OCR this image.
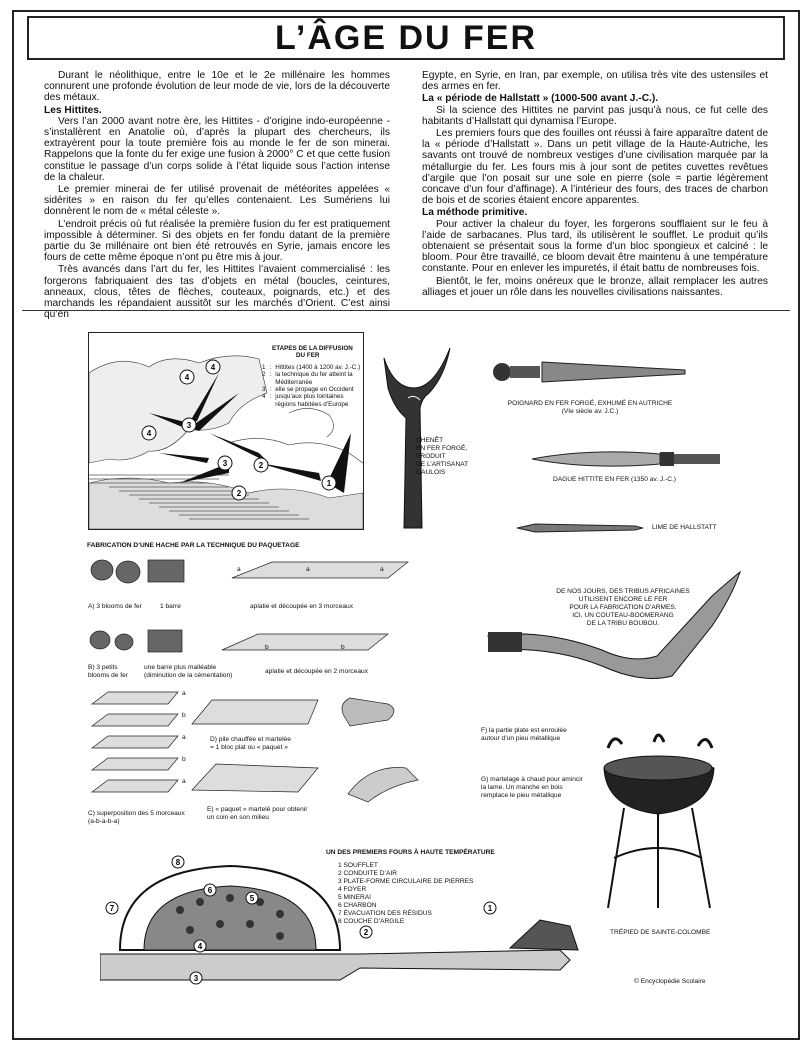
L’ÂGE DU FER

Durant le néolithique, entre le 10e et le 2e millénaire les hommes connurent une profonde évolution de leur mode de vie, lors de la découverte des métaux.

Les Hittites.

Vers l’an 2000 avant notre ère, les Hittites - d’origine indo-européenne - s’installèrent en Anatolie où, d’après la plupart des chercheurs, ils extrayèrent pour la toute première fois au monde le fer de son minerai. Rappelons que la fonte du fer exige une fusion à 2000° C et que cette fusion constitue le passage d’un corps solide à l’état liquide sous l’action intense de la chaleur.

Le premier minerai de fer utilisé provenait de météorites appelées « sidérites » en raison du fer qu’elles contenaient. Les Sumériens lui donnèrent le nom de « métal céleste ».

L’endroit précis où fut réalisée la première fusion du fer est pratiquement impossible à déterminer. Si des objets en fer fondu datant de la première partie du 3e millénaire ont bien été retrouvés en Syrie, jamais encore les fours de cette même époque n’ont pu être mis à jour.

Très avancés dans l’art du fer, les Hittites l’avaient commercialisé : les forgerons fabriquaient des tas d’objets en métal (boucles, ceintures, anneaux, clous, têtes de flèches, couteaux, poignards, etc.) et des marchands les répandaient aussitôt sur les marchés d’Orient. C’est ainsi qu’en

Egypte, en Syrie, en Iran, par exemple, on utilisa très vite des ustensiles et des armes en fer.

La « période de Hallstatt » (1000-500 avant J.-C.).

Si la science des Hittites ne parvint pas jusqu’à nous, ce fut celle des habitants d’Hallstatt qui dynamisa l’Europe.

Les premiers fours que des fouilles ont réussi à faire apparaître datent de la « période d’Hallstatt ». Dans un petit village de la Haute-Autriche, les savants ont trouvé de nombreux vestiges d’une civilisation marquée par la métallurgie du fer. Les fours mis à jour sont de petites cuvettes revêtues d’argile que l’on posait sur une sole en pierre (sole = partie légèrement concave d’un four d’affinage). A l’intérieur des fours, des traces de charbon de bois et de scories étaient encore apparentes.

La méthode primitive.

Pour activer la chaleur du foyer, les forgerons soufflaient sur le feu à l’aide de sarbacanes. Plus tard, ils utilisèrent le soufflet. Le produit qu’ils obtenaient se présentait sous la forme d’un bloc spongieux et calciné : le bloom. Pour être travaillé, ce bloom devait être maintenu à une température constante. Pour en enlever les impuretés, il était battu de nombreuses fois.

Bientôt, le fer, moins onéreux que le bronze, allait remplacer les autres alliages et jouer un rôle dans les nouvelles civilisations naissantes.

1
2
3
3
4
4
4
2
ETAPES DE LA DIFFUSION
DU FER
1 : Hittites (1400 à 1200 av. J.-C.)
2 : la technique du fer atteint la Méditerranée
3 : elle se propage en Occident
4 : jusqu’aux plus lointaines régions habitées d’Europe
CHENÊT
EN FER FORGÉ,
PRODUIT
DE L’ARTISANAT
GAULOIS
POIGNARD EN FER FORGÉ, EXHUMÉ EN AUTRICHE
(VIe siècle av. J.C.)
DAGUE HITTITE EN FER (1350 av. J.-C.)
LIME DE HALLSTATT
DE NOS JOURS, DES TRIBUS AFRICAINES
UTILISENT ENCORE LE FER
POUR LA FABRICATION D’ARMES.
ICI, UN COUTEAU-BOOMERANG
DE LA TRIBU BOUBOU.
FABRICATION D’UNE HACHE PAR LA TECHNIQUE DU PAQUETAGE
a	a	a
A) 3 blooms de fer	1 barre	aplatie et découpée en 3 morceaux
b	b
B) 3 petits
blooms de fer
une barre plus malléable
(diminution de la cémentation)
aplatie et découpée en 2 morceaux
a
b
a
b
a
C) superposition des 5 morceaux
(a-b-a-b-a)
D) pile chauffée et martelée
= 1 bloc plat ou « paquet »
E) « paquet » martelé pour obtenir
un coin en son milieu
F) la partie plate est enroulée
autour d’un pieu métallique
G) martelage à chaud pour amincir
la lame. Un manche en bois
remplace le pieu métallique
TRÉPIED DE SAINTE-COLOMBE
UN DES PREMIERS FOURS À HAUTE TEMPÉRATURE
1 SOUFFLET
2 CONDUITE D’AIR
3 PLATE-FORME CIRCULAIRE DE PIERRES
4 FOYER
5 MINERAI
6 CHARBON
7 ÉVACUATION DES RÉSIDUS
8 COUCHE D’ARGILE
8
7
6
5
4
3
2
1
© Encyclopédie Scolaire
